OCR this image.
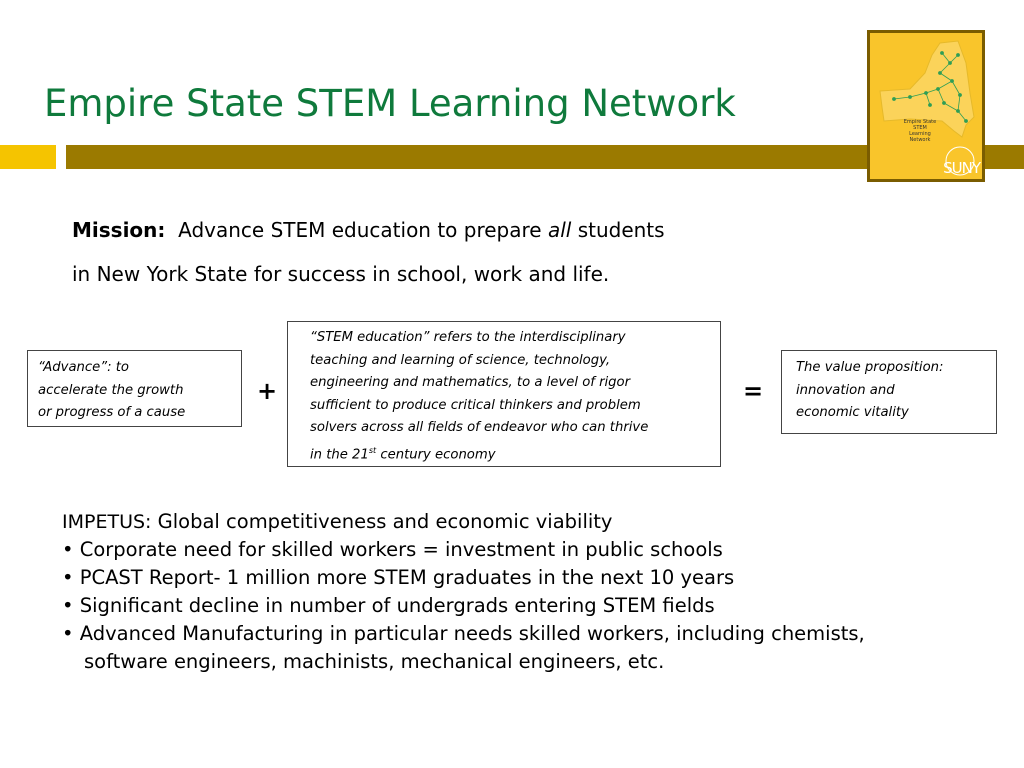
Empire State STEM Learning Network	Empire State
STEM
Learning
Network
SUNY
Mission: Advance STEM education to prepare all students
in New York State for success in school, work and life.
“Advance”: to
accelerate the growth
or progress of a cause
+
“STEM education” refers to the interdisciplinary
teaching and learning of science, technology,
engineering and mathematics, to a level of rigor
sufficient to produce critical thinkers and problem
solvers across all fields of endeavor who can thrive
in the 21st century economy
=
The value proposition:
innovation and
economic vitality
IMPETUS: Global competitiveness and economic viability
• Corporate need for skilled workers = investment in public schools
• PCAST Report- 1 million more STEM graduates in the next 10 years
• Significant decline in number of undergrads entering STEM fields
• Advanced Manufacturing in particular needs skilled workers, including chemists,
software engineers, machinists, mechanical engineers, etc.
